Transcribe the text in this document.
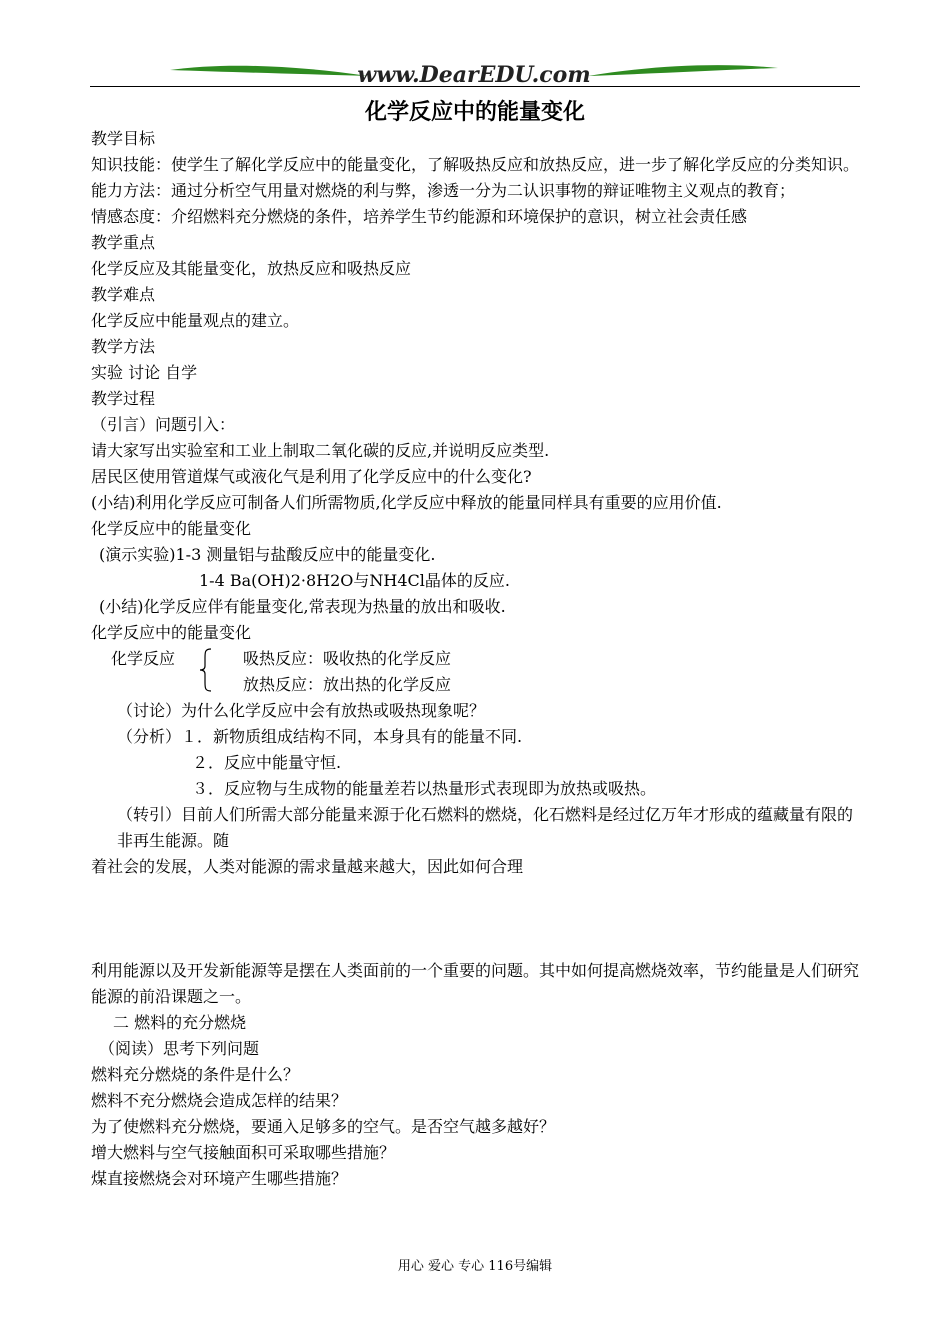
www.DearEDU.com
化学反应中的能量变化

教学目标

知识技能：使学生了解化学反应中的能量变化，了解吸热反应和放热反应，进一步了解化学反应的分类知识。

能力方法：通过分析空气用量对燃烧的利与弊，渗透一分为二认识事物的辩证唯物主义观点的教育；

情感态度：介绍燃料充分燃烧的条件，培养学生节约能源和环境保护的意识，树立社会责任感

教学重点

化学反应及其能量变化，放热反应和吸热反应

教学难点

化学反应中能量观点的建立。

教学方法

实验 讨论 自学

教学过程

（引言）问题引入：

请大家写出实验室和工业上制取二氧化碳的反应,并说明反应类型.

居民区使用管道煤气或液化气是利用了化学反应中的什么变化?

(小结)利用化学反应可制备人们所需物质,化学反应中释放的能量同样具有重要的应用价值.

化学反应中的能量变化

(演示实验)1-3 测量铝与盐酸反应中的能量变化.

1-4 Ba(OH)2·8H2O与NH4Cl晶体的反应.

(小结)化学反应伴有能量变化,常表现为热量的放出和吸收.

化学反应中的能量变化

化学反应	吸热反应：吸收热的化学反应
放热反应：放出热的化学反应

（讨论）为什么化学反应中会有放热或吸热现象呢？

（分析）１．新物质组成结构不同，本身具有的能量不同.

２．反应中能量守恒.

３．反应物与生成物的能量差若以热量形式表现即为放热或吸热。

（转引）目前人们所需大部分能量来源于化石燃料的燃烧，化石燃料是经过亿万年才形成的蕴藏量有限的非再生能源。随

着社会的发展，人类对能源的需求量越来越大，因此如何合理

利用能源以及开发新能源等是摆在人类面前的一个重要的问题。其中如何提高燃烧效率，节约能量是人们研究能源的前沿课题之一。

二 燃料的充分燃烧

（阅读）思考下列问题

燃料充分燃烧的条件是什么？

燃料不充分燃烧会造成怎样的结果？

为了使燃料充分燃烧，要通入足够多的空气。是否空气越多越好？

增大燃料与空气接触面积可采取哪些措施？

煤直接燃烧会对环境产生哪些措施？

用心 爱心 专心 116号编辑
